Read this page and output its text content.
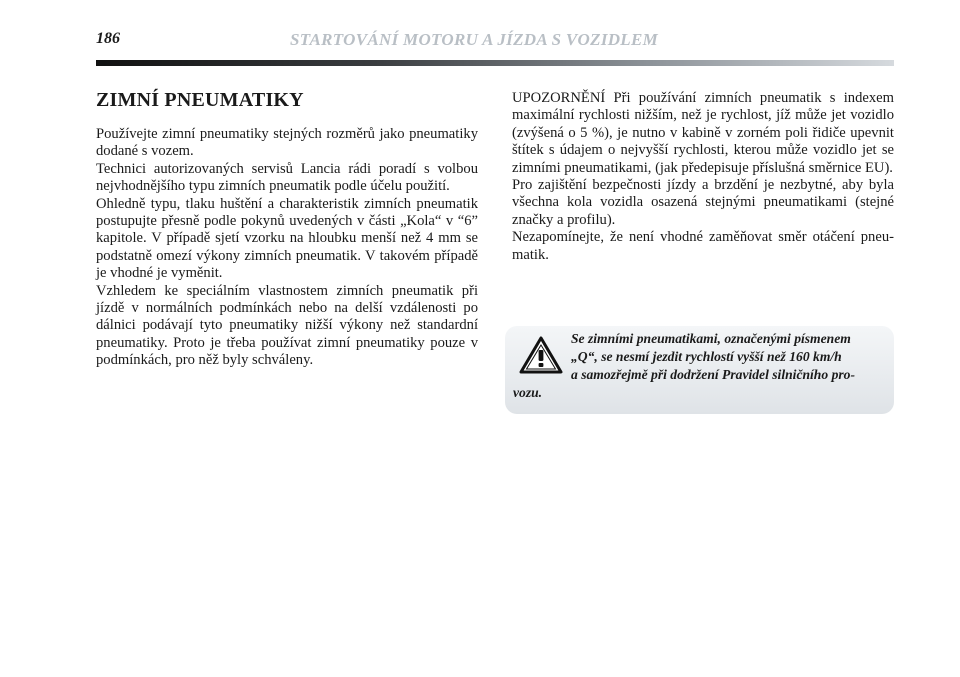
186	STARTOVÁNÍ MOTORU A JÍZDA S VOZIDLEM
ZIMNÍ PNEUMATIKY

Používejte zimní pneumatiky stejných rozměrů jako pneumatiky dodané s vozem.

Technici autorizovaných servisů Lancia rádi poradí s volbou nejvhodnějšího typu zimních pneumatik podle účelu použití.

Ohledně typu, tlaku huštění a charakteristik zimních pneumatik postupujte přesně podle pokynů uvedených v části „Kola“ v “6” kapitole. V případě sjetí vzorku na hloubku menší než 4 mm se podstatně omezí výkony zimních pneumatik. V takovém případě je vhodné je vyměnit.

Vzhledem ke speciálním vlastnostem zimních pneumatik při jízdě v normálních podmínkách nebo na delší vzdálenosti po dálnici podávají tyto pneumatiky nižší výkony než standardní pneumatiky. Proto je třeba používat zimní pneumatiky pouze v podmínkách, pro něž byly schváleny.

UPOZORNĚNÍ Při používání zimních pneumatik s indexem maximální rychlosti nižším, než je rychlost, jíž může jet vozidlo (zvýšená o 5 %), je nutno v kabině v zorném poli řidiče upevnit štítek s údajem o nejvyšší rychlosti, kterou může vozidlo jet se zimními pneumatikami, (jak předepisuje příslušná směrnice EU).

Pro zajištění bezpečnosti jízdy a brzdění je nezbytné, aby byla všechna kola vozidla osazená stejnými pneumatikami (stejné značky a profilu).

Nezapomínejte, že není vhodné zaměňovat směr otáčení pneumatik.

Se zimními pneumatikami, označenými písmenem
„Q“, se nesmí jezdit rychlostí vyšší než 160 km/h
a samozřejmě při dodržení Pravidel silničního pro-
vozu.
